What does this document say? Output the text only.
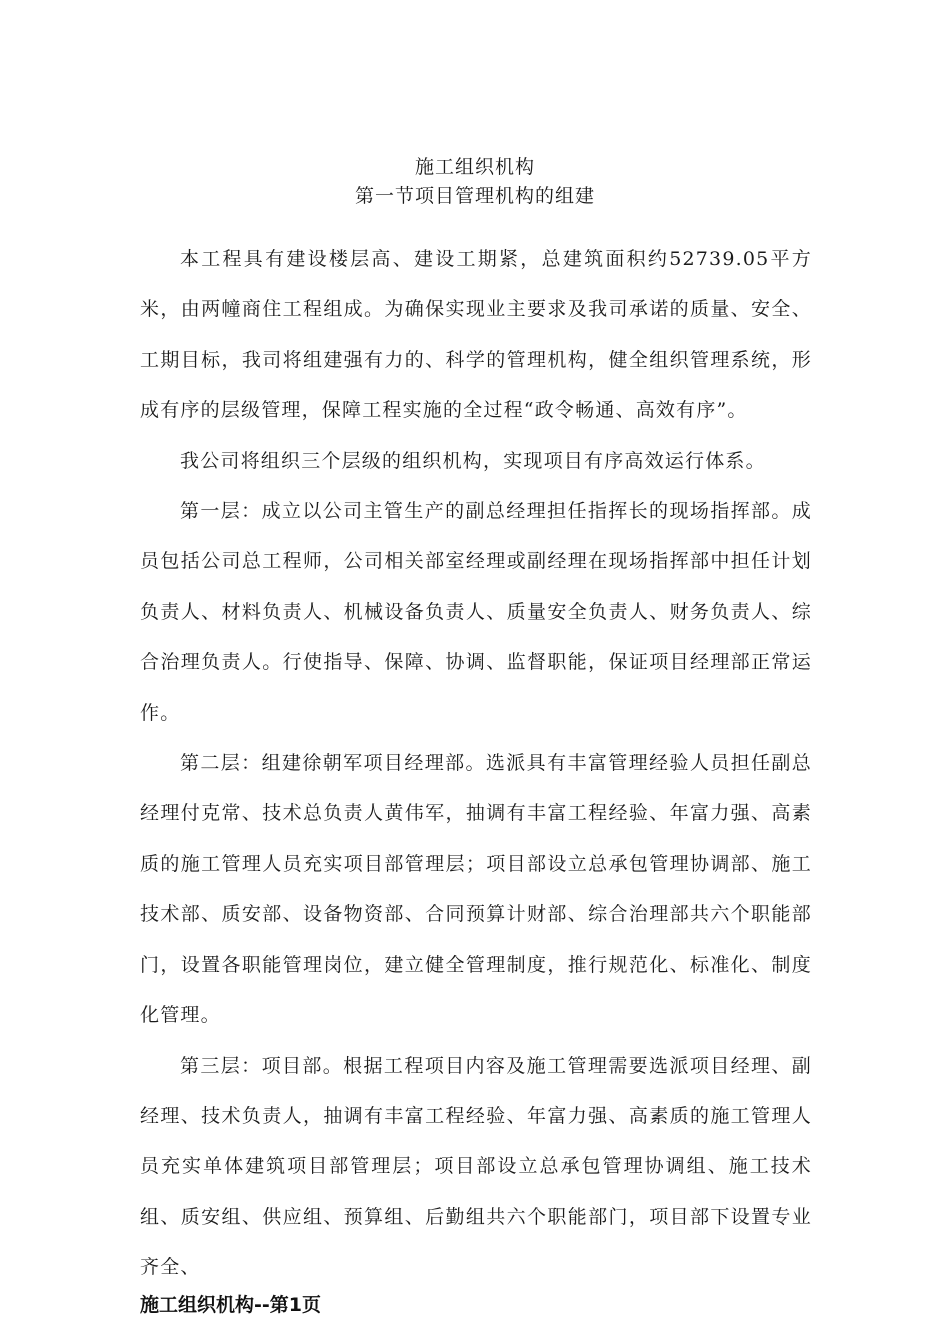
施工组织机构
第一节项目管理机构的组建

本工程具有建设楼层高、建设工期紧，总建筑面积约52739.05平方米，由两幢商住工程组成。为确保实现业主要求及我司承诺的质量、安全、工期目标，我司将组建强有力的、科学的管理机构，健全组织管理系统，形成有序的层级管理，保障工程实施的全过程“政令畅通、高效有序”。

我公司将组织三个层级的组织机构，实现项目有序高效运行体系。

第一层：成立以公司主管生产的副总经理担任指挥长的现场指挥部。成员包括公司总工程师，公司相关部室经理或副经理在现场指挥部中担任计划负责人、材料负责人、机械设备负责人、质量安全负责人、财务负责人、综合治理负责人。行使指导、保障、协调、监督职能，保证项目经理部正常运作。

第二层：组建徐朝军项目经理部。选派具有丰富管理经验人员担任副总经理付克常、技术总负责人黄伟军，抽调有丰富工程经验、年富力强、高素质的施工管理人员充实项目部管理层；项目部设立总承包管理协调部、施工技术部、质安部、设备物资部、合同预算计财部、综合治理部共六个职能部门，设置各职能管理岗位，建立健全管理制度，推行规范化、标准化、制度化管理。

第三层：项目部。根据工程项目内容及施工管理需要选派项目经理、副经理、技术负责人，抽调有丰富工程经验、年富力强、高素质的施工管理人员充实单体建筑项目部管理层；项目部设立总承包管理协调组、施工技术组、质安组、供应组、预算组、后勤组共六个职能部门，项目部下设置专业齐全、

施工组织机构--第1页
